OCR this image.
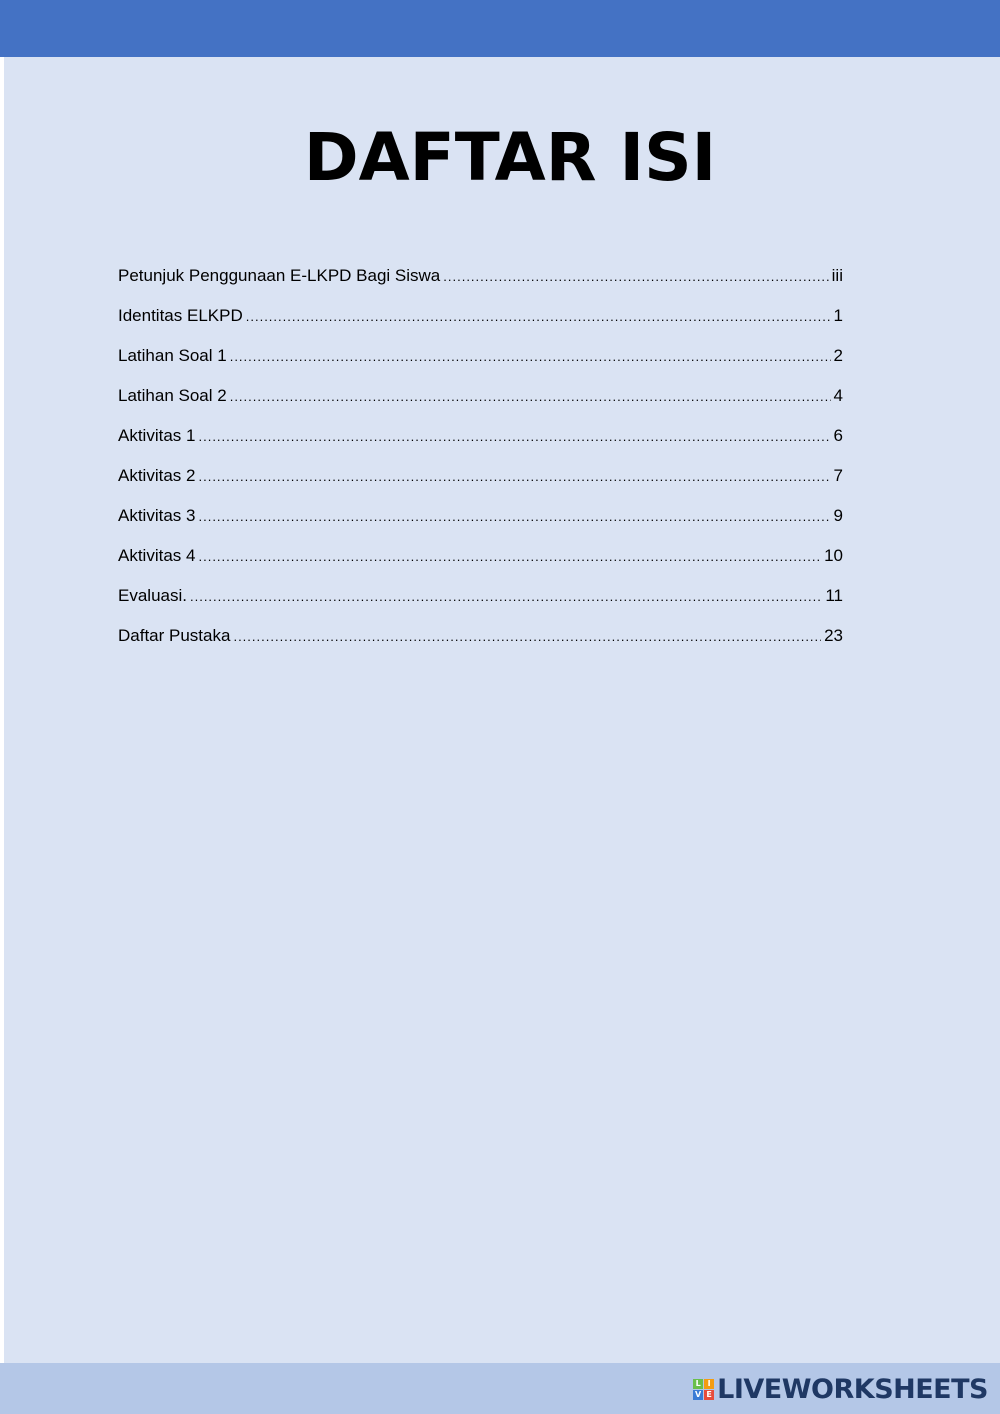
DAFTAR ISI
Petunjuk Penggunaan E-LKPD Bagi Siswa .....	iii
Identitas ELKPD .....	1
Latihan Soal 1 .....	2
Latihan Soal 2 .....	4
Aktivitas 1 .....	6
Aktivitas 2 .....	7
Aktivitas 3 .....	9
Aktivitas 4 .....	10
Evaluasi. .....	11
Daftar Pustaka .....	23
L I
V E LIVEWORKSHEETS
